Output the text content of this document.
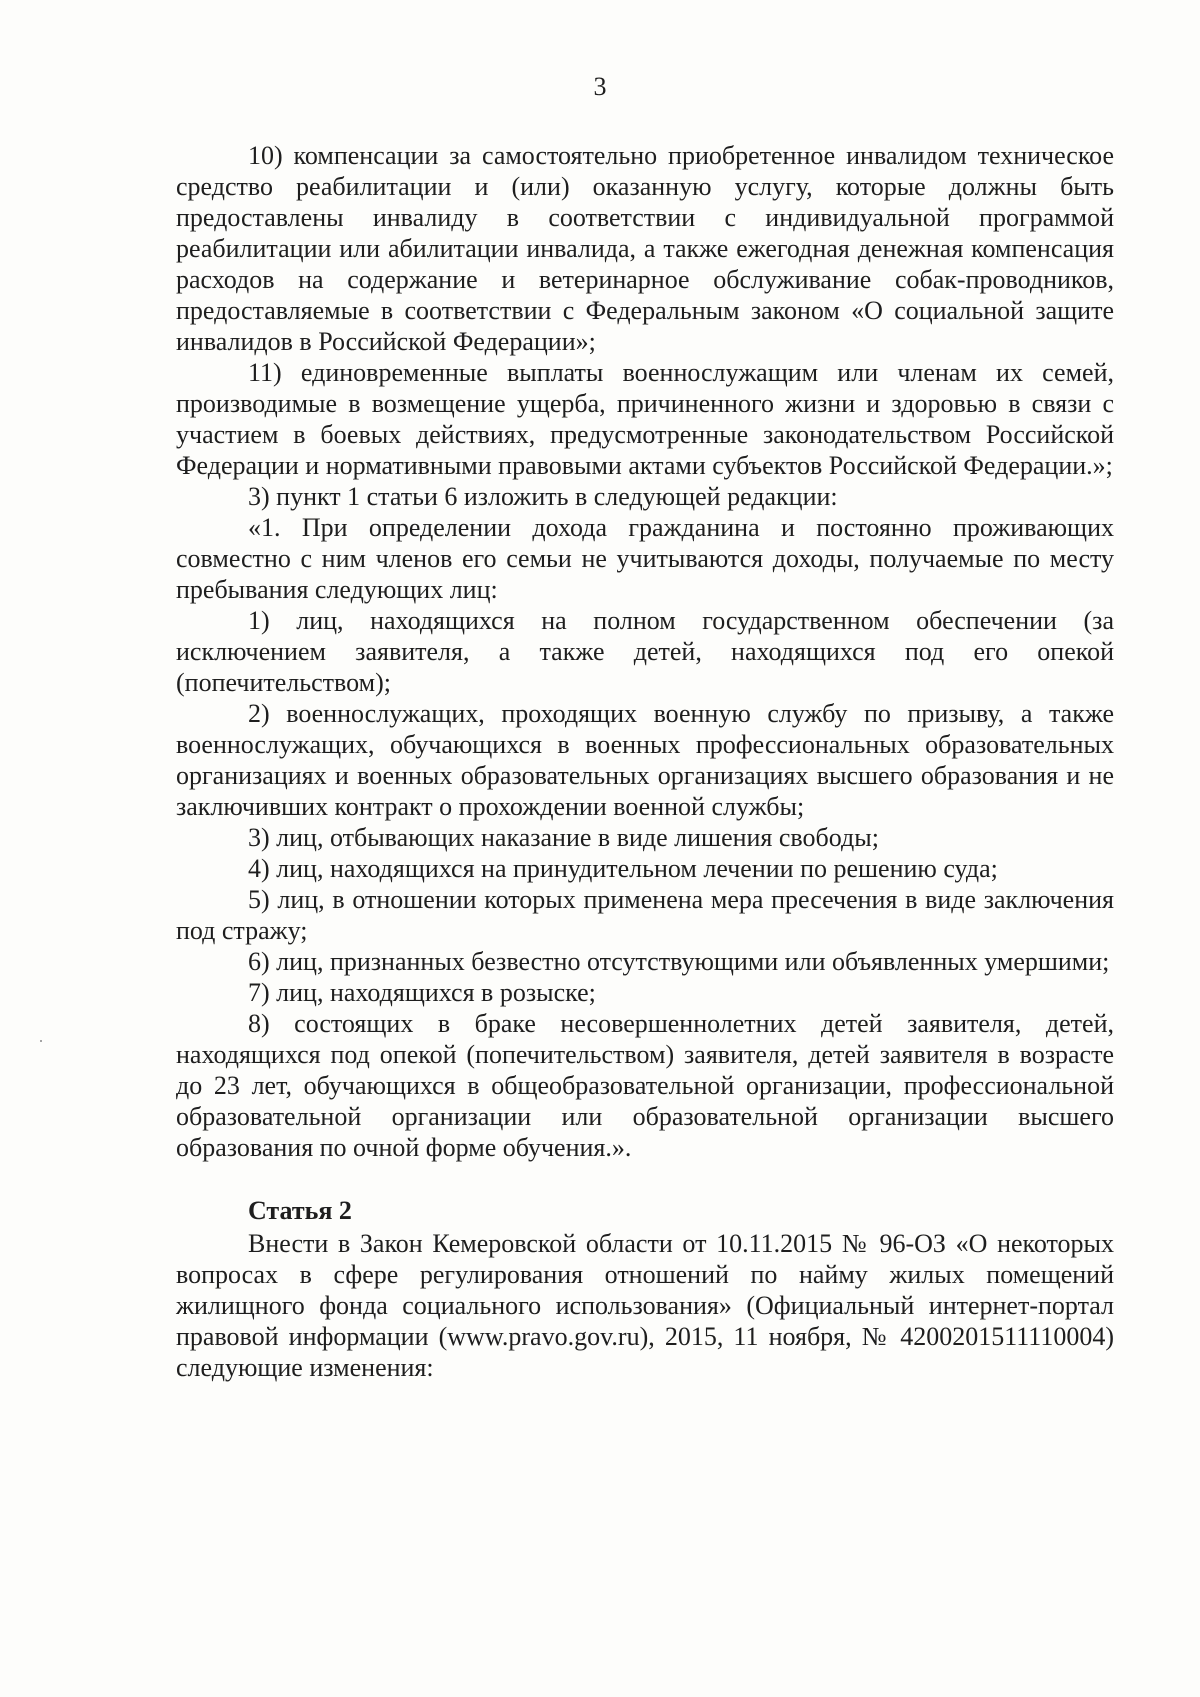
3

10) компенсации за самостоятельно приобретенное инвалидом техническое средство реабилитации и (или) оказанную услугу, которые должны быть предоставлены инвалиду в соответствии с индивидуальной программой реабилитации или абилитации инвалида, а также ежегодная денежная компенсация расходов на содержание и ветеринарное обслуживание собак-проводников, предоставляемые в соответствии с Федеральным законом «О социальной защите инвалидов в Российской Федерации»;

11) единовременные выплаты военнослужащим или членам их семей, производимые в возмещение ущерба, причиненного жизни и здоровью в связи с участием в боевых действиях, предусмотренные законодательством Российской Федерации и нормативными правовыми актами субъектов Российской Федерации.»;

3) пункт 1 статьи 6 изложить в следующей редакции:

«1. При определении дохода гражданина и постоянно проживающих совместно с ним членов его семьи не учитываются доходы, получаемые по месту пребывания следующих лиц:

1) лиц, находящихся на полном государственном обеспечении (за исключением заявителя, а также детей, находящихся под его опекой (попечительством);

2) военнослужащих, проходящих военную службу по призыву, а также военнослужащих, обучающихся в военных профессиональных образовательных организациях и военных образовательных организациях высшего образования и не заключивших контракт о прохождении военной службы;

3) лиц, отбывающих наказание в виде лишения свободы;

4) лиц, находящихся на принудительном лечении по решению суда;

5) лиц, в отношении которых применена мера пресечения в виде заключения под стражу;

6) лиц, признанных безвестно отсутствующими или объявленных умершими;

7) лиц, находящихся в розыске;

8) состоящих в браке несовершеннолетних детей заявителя, детей, находящихся под опекой (попечительством) заявителя, детей заявителя в возрасте до 23 лет, обучающихся в общеобразовательной организации, профессиональной образовательной организации или образовательной организации высшего образования по очной форме обучения.».

Статья 2

Внести в Закон Кемеровской области от 10.11.2015 № 96-ОЗ «О некоторых вопросах в сфере регулирования отношений по найму жилых помещений жилищного фонда социального использования» (Официальный интернет-портал правовой информации (www.pravo.gov.ru), 2015, 11 ноября, № 4200201511110004) следующие изменения:
